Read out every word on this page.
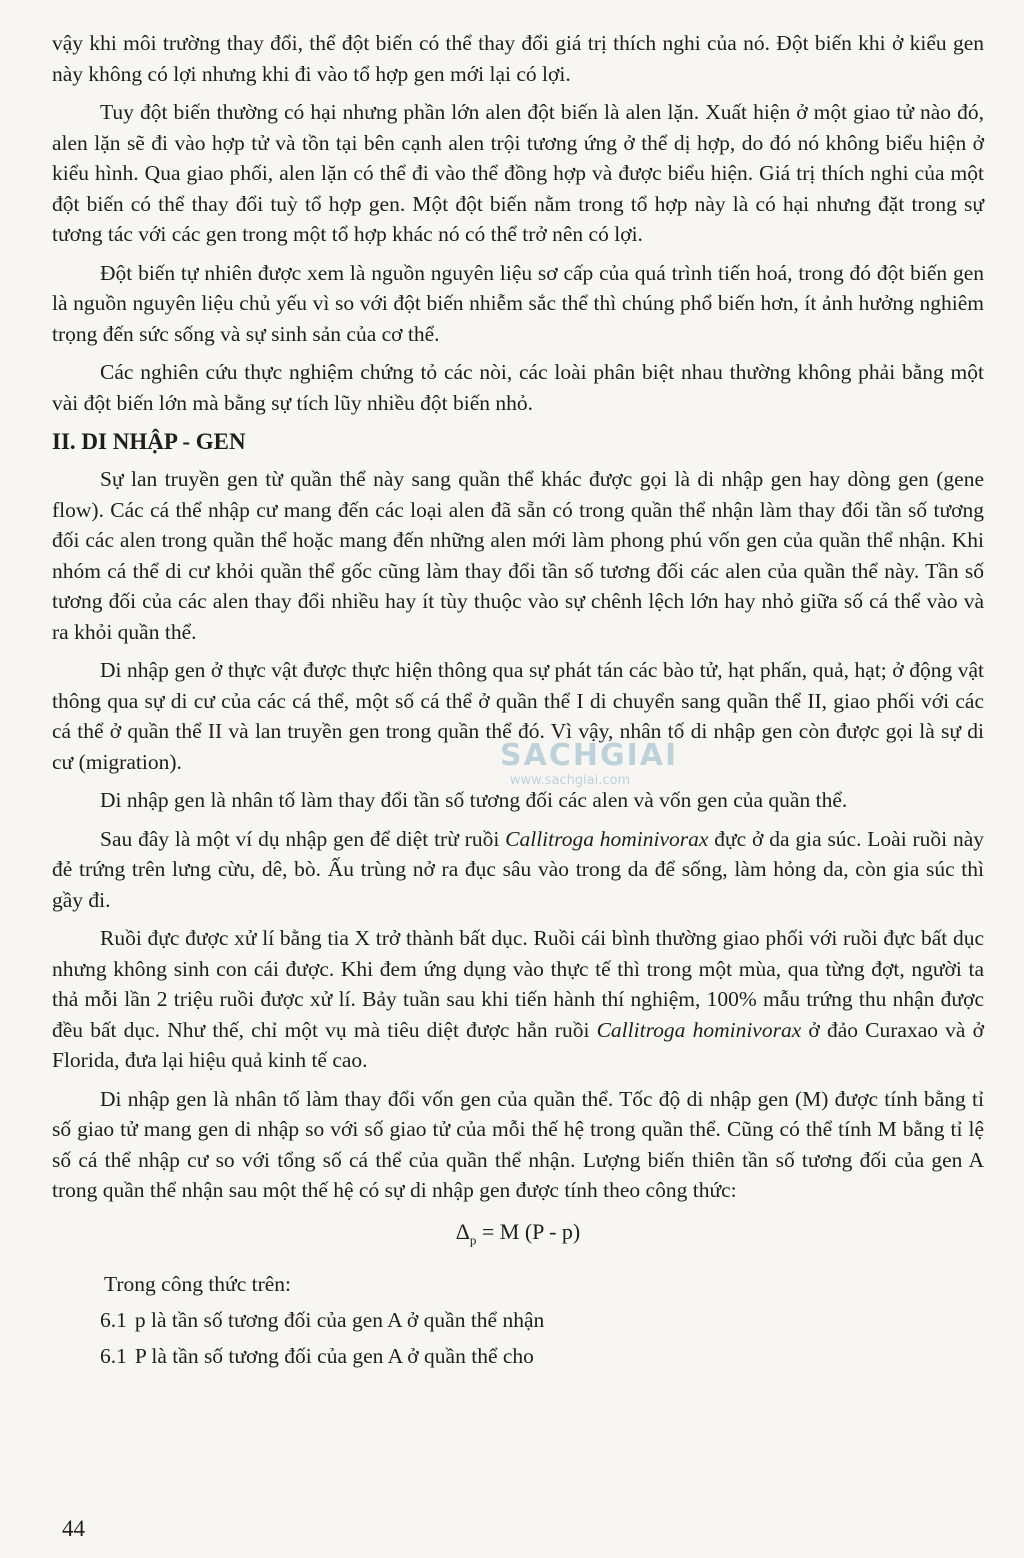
vậy khi môi trường thay đổi, thể đột biến có thể thay đổi giá trị thích nghi của nó. Đột biến khi ở kiểu gen này không có lợi nhưng khi đi vào tổ hợp gen mới lại có lợi.

Tuy đột biến thường có hại nhưng phần lớn alen đột biến là alen lặn. Xuất hiện ở một giao tử nào đó, alen lặn sẽ đi vào hợp tử và tồn tại bên cạnh alen trội tương ứng ở thể dị hợp, do đó nó không biểu hiện ở kiểu hình. Qua giao phối, alen lặn có thể đi vào thể đồng hợp và được biểu hiện. Giá trị thích nghi của một đột biến có thể thay đổi tuỳ tổ hợp gen. Một đột biến nằm trong tổ hợp này là có hại nhưng đặt trong sự tương tác với các gen trong một tổ hợp khác nó có thể trở nên có lợi.

Đột biến tự nhiên được xem là nguồn nguyên liệu sơ cấp của quá trình tiến hoá, trong đó đột biến gen là nguồn nguyên liệu chủ yếu vì so với đột biến nhiễm sắc thể thì chúng phổ biến hơn, ít ảnh hưởng nghiêm trọng đến sức sống và sự sinh sản của cơ thể.

Các nghiên cứu thực nghiệm chứng tỏ các nòi, các loài phân biệt nhau thường không phải bằng một vài đột biến lớn mà bằng sự tích lũy nhiều đột biến nhỏ.

II. DI NHẬP - GEN

Sự lan truyền gen từ quần thể này sang quần thể khác được gọi là di nhập gen hay dòng gen (gene flow). Các cá thể nhập cư mang đến các loại alen đã sẵn có trong quần thể nhận làm thay đổi tần số tương đối các alen trong quần thể hoặc mang đến những alen mới làm phong phú vốn gen của quần thể nhận. Khi nhóm cá thể di cư khỏi quần thể gốc cũng làm thay đổi tần số tương đối các alen của quần thể này. Tần số tương đối của các alen thay đổi nhiều hay ít tùy thuộc vào sự chênh lệch lớn hay nhỏ giữa số cá thể vào và ra khỏi quần thể.

Di nhập gen ở thực vật được thực hiện thông qua sự phát tán các bào tử, hạt phấn, quả, hạt; ở động vật thông qua sự di cư của các cá thể, một số cá thể ở quần thể I di chuyển sang quần thể II, giao phối với các cá thể ở quần thể II và lan truyền gen trong quần thể đó. Vì vậy, nhân tố di nhập gen còn được gọi là sự di cư (migration).

Di nhập gen là nhân tố làm thay đổi tần số tương đối các alen và vốn gen của quần thể.

Sau đây là một ví dụ nhập gen để diệt trừ ruồi Callitroga hominivorax đực ở da gia súc. Loài ruồi này đẻ trứng trên lưng cừu, dê, bò. Ấu trùng nở ra đục sâu vào trong da để sống, làm hỏng da, còn gia súc thì gầy đi.

Ruồi đực được xử lí bằng tia X trở thành bất dục. Ruồi cái bình thường giao phối với ruồi đực bất dục nhưng không sinh con cái được. Khi đem ứng dụng vào thực tế thì trong một mùa, qua từng đợt, người ta thả mỗi lần 2 triệu ruồi được xử lí. Bảy tuần sau khi tiến hành thí nghiệm, 100% mẫu trứng thu nhận được đều bất dục. Như thế, chỉ một vụ mà tiêu diệt được hẳn ruồi Callitroga hominivorax ở đảo Curaxao và ở Florida, đưa lại hiệu quả kinh tế cao.

Di nhập gen là nhân tố làm thay đổi vốn gen của quần thể. Tốc độ di nhập gen (M) được tính bằng tỉ số giao tử mang gen di nhập so với số giao tử của mỗi thế hệ trong quần thể. Cũng có thể tính M bằng tỉ lệ số cá thể nhập cư so với tổng số cá thể của quần thể nhận. Lượng biến thiên tần số tương đối của gen A trong quần thể nhận sau một thế hệ có sự di nhập gen được tính theo công thức:

$\Delta_p = M$ (P - p)
Trong công thức trên:
6.1 p là tần số tương đối của gen A ở quần thể nhận
6.1 P là tần số tương đối của gen A ở quần thể cho
SACHGIAI
www.sachgiai.com
44
